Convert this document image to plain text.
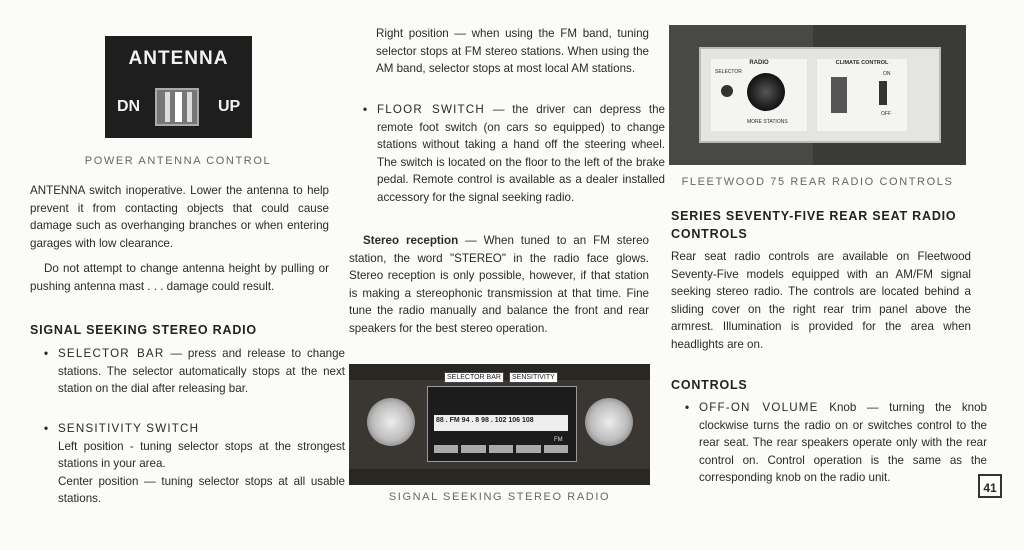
ANTENNA
DN	UP
POWER ANTENNA CONTROL

ANTENNA switch inoperative. Lower the antenna to help prevent it from contacting objects that could cause damage such as overhanging branches or when entering garages with low clearance.

Do not attempt to change antenna height by pulling or pushing antenna mast . . . damage could result.

SIGNAL SEEKING STEREO RADIO
• SELECTOR BAR — press and release to change stations. The selector automatically stops at the next station on the dial after releasing bar.
• SENSITIVITY SWITCH
Left position - tuning selector stops at the strongest stations in your area.
Center position — tuning selector stops at all usable stations.

Right position — when using the FM band, tuning selector stops at FM stereo stations. When using the AM band, selector stops at most local AM stations.

• FLOOR SWITCH — the driver can depress the remote foot switch (on cars so equipped) to change stations without taking a hand off the steering wheel. The switch is located on the floor to the left of the brake pedal. Remote control is available as a dealer installed accessory for the signal seeking radio.

Stereo reception — When tuned to an FM stereo station, the word "STEREO" in the radio face glows. Stereo reception is only possible, however, if that station is making a stereophonic transmission at that time. Fine tune the radio manually and balance the front and rear speakers for the best stereo operation.

88 . FM 94 . 8 98 . 102 106 108
FM
SELECTOR BAR	SENSITIVITY
SIGNAL SEEKING STEREO RADIO
RADIO
SELECTOR
MORE STATIONS
CLIMATE CONTROL
ON
OFF
FLEETWOOD 75 REAR RADIO CONTROLS
SERIES SEVENTY-FIVE REAR SEAT RADIO CONTROLS

Rear seat radio controls are available on Fleetwood Seventy-Five models equipped with an AM/FM signal seeking stereo radio. The controls are located behind a sliding cover on the right rear trim panel above the armrest. Illumination is provided for the area when headlights are on.

CONTROLS
• OFF-ON VOLUME Knob — turning the knob clockwise turns the radio on or switches control to the rear seat. The rear speakers operate only with the rear control on. Control operation is the same as the corresponding knob on the radio unit.
41
